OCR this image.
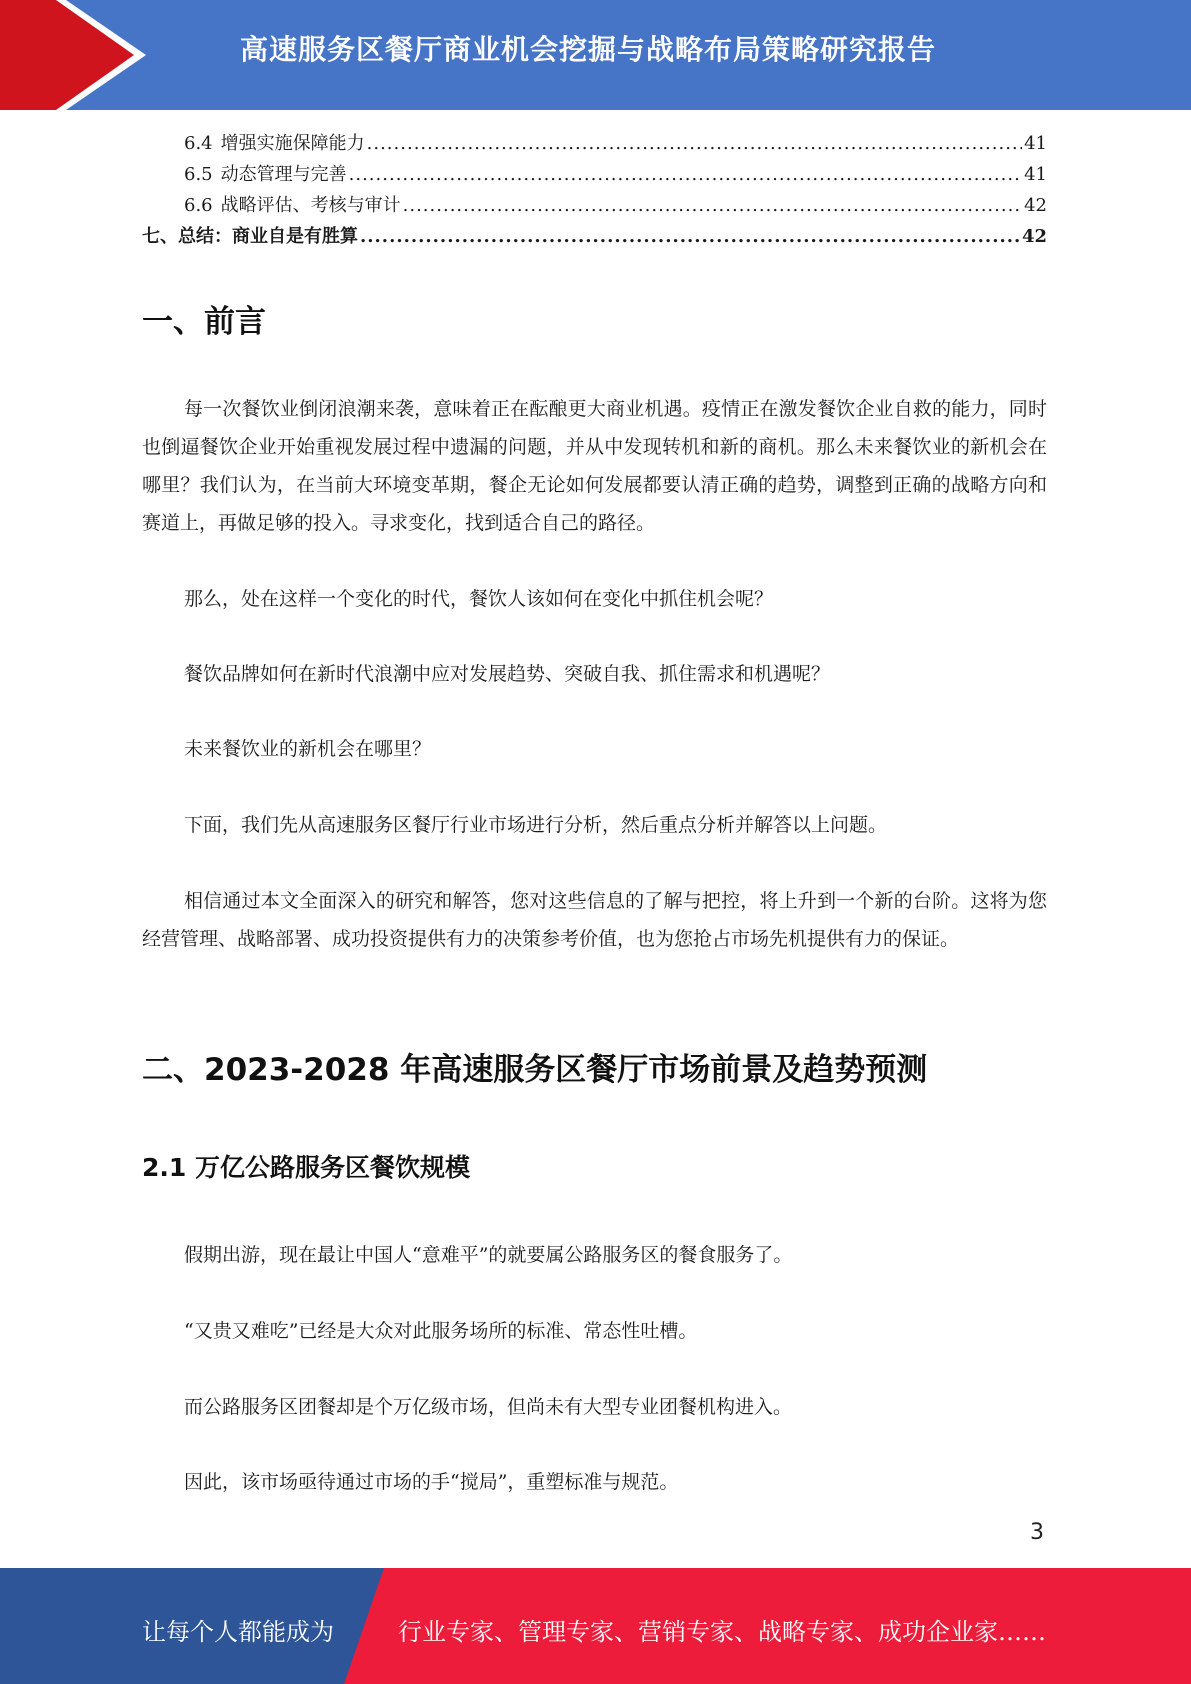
高速服务区餐厅商业机会挖掘与战略布局策略研究报告
6.4 增强实施保障能力 .....	41
6.5 动态管理与完善 .....	41
6.6 战略评估、考核与审计 .....	42
七、总结：商业自是有胜算 .....	42
一、前言

每一次餐饮业倒闭浪潮来袭，意味着正在酝酿更大商业机遇。疫情正在激发餐饮企业自救的能力，同时也倒逼餐饮企业开始重视发展过程中遗漏的问题，并从中发现转机和新的商机。那么未来餐饮业的新机会在哪里？我们认为，在当前大环境变革期，餐企无论如何发展都要认清正确的趋势，调整到正确的战略方向和赛道上，再做足够的投入。寻求变化，找到适合自己的路径。

那么，处在这样一个变化的时代，餐饮人该如何在变化中抓住机会呢？

餐饮品牌如何在新时代浪潮中应对发展趋势、突破自我、抓住需求和机遇呢？

未来餐饮业的新机会在哪里？

下面，我们先从高速服务区餐厅行业市场进行分析，然后重点分析并解答以上问题。

相信通过本文全面深入的研究和解答，您对这些信息的了解与把控，将上升到一个新的台阶。这将为您经营管理、战略部署、成功投资提供有力的决策参考价值，也为您抢占市场先机提供有力的保证。

二、2023-2028 年高速服务区餐厅市场前景及趋势预测
2.1 万亿公路服务区餐饮规模

假期出游，现在最让中国人“意难平”的就要属公路服务区的餐食服务了。

“又贵又难吃”已经是大众对此服务场所的标准、常态性吐槽。

而公路服务区团餐却是个万亿级市场，但尚未有大型专业团餐机构进入。

因此，该市场亟待通过市场的手“搅局”，重塑标准与规范。

3
让每个人都能成为	行业专家、管理专家、营销专家、战略专家、成功企业家……
